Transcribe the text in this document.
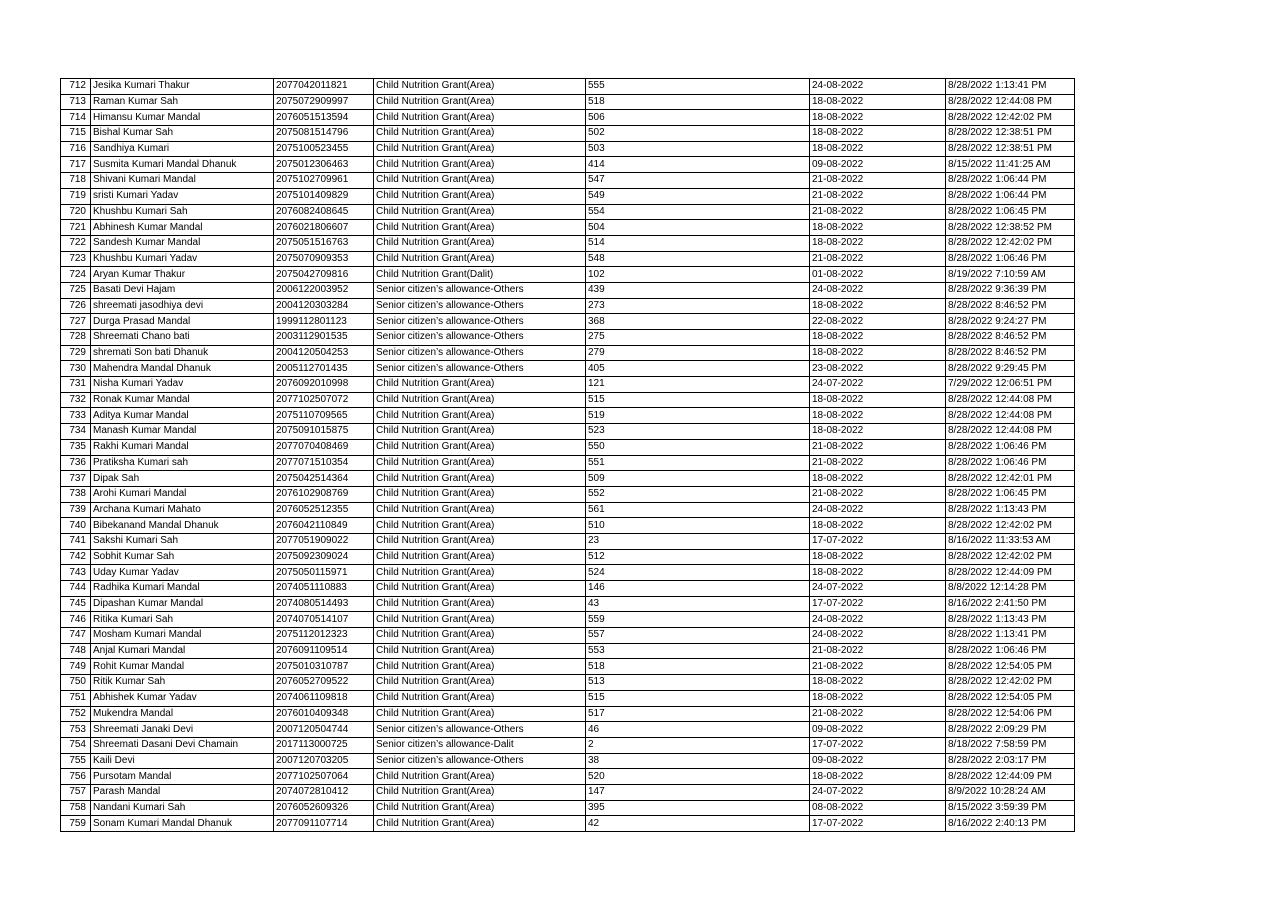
712	Jesika Kumari Thakur	2077042011821	Child Nutrition Grant(Area)	555	24-08-2022	8/28/2022 1:13:41 PM
713	Raman Kumar Sah	2075072909997	Child Nutrition Grant(Area)	518	18-08-2022	8/28/2022 12:44:08 PM
714	Himansu Kumar Mandal	2076051513594	Child Nutrition Grant(Area)	506	18-08-2022	8/28/2022 12:42:02 PM
715	Bishal Kumar Sah	2075081514796	Child Nutrition Grant(Area)	502	18-08-2022	8/28/2022 12:38:51 PM
716	Sandhiya Kumari	2075100523455	Child Nutrition Grant(Area)	503	18-08-2022	8/28/2022 12:38:51 PM
717	Susmita Kumari Mandal Dhanuk	2075012306463	Child Nutrition Grant(Area)	414	09-08-2022	8/15/2022 11:41:25 AM
718	Shivani Kumari Mandal	2075102709961	Child Nutrition Grant(Area)	547	21-08-2022	8/28/2022 1:06:44 PM
719	sristi Kumari Yadav	2075101409829	Child Nutrition Grant(Area)	549	21-08-2022	8/28/2022 1:06:44 PM
720	Khushbu Kumari Sah	2076082408645	Child Nutrition Grant(Area)	554	21-08-2022	8/28/2022 1:06:45 PM
721	Abhinesh Kumar Mandal	2076021806607	Child Nutrition Grant(Area)	504	18-08-2022	8/28/2022 12:38:52 PM
722	Sandesh Kumar Mandal	2075051516763	Child Nutrition Grant(Area)	514	18-08-2022	8/28/2022 12:42:02 PM
723	Khushbu Kumari Yadav	2075070909353	Child Nutrition Grant(Area)	548	21-08-2022	8/28/2022 1:06:46 PM
724	Aryan Kumar Thakur	2075042709816	Child Nutrition Grant(Dalit)	102	01-08-2022	8/19/2022 7:10:59 AM
725	Basati Devi Hajam	2006122003952	Senior citizen’s allowance-Others	439	24-08-2022	8/28/2022 9:36:39 PM
726	shreemati jasodhiya devi	2004120303284	Senior citizen’s allowance-Others	273	18-08-2022	8/28/2022 8:46:52 PM
727	Durga Prasad Mandal	1999112801123	Senior citizen’s allowance-Others	368	22-08-2022	8/28/2022 9:24:27 PM
728	Shreemati Chano bati	2003112901535	Senior citizen’s allowance-Others	275	18-08-2022	8/28/2022 8:46:52 PM
729	shremati Son bati Dhanuk	2004120504253	Senior citizen’s allowance-Others	279	18-08-2022	8/28/2022 8:46:52 PM
730	Mahendra Mandal Dhanuk	2005112701435	Senior citizen’s allowance-Others	405	23-08-2022	8/28/2022 9:29:45 PM
731	Nisha Kumari Yadav	2076092010998	Child Nutrition Grant(Area)	121	24-07-2022	7/29/2022 12:06:51 PM
732	Ronak Kumar Mandal	2077102507072	Child Nutrition Grant(Area)	515	18-08-2022	8/28/2022 12:44:08 PM
733	Aditya Kumar Mandal	2075110709565	Child Nutrition Grant(Area)	519	18-08-2022	8/28/2022 12:44:08 PM
734	Manash Kumar Mandal	2075091015875	Child Nutrition Grant(Area)	523	18-08-2022	8/28/2022 12:44:08 PM
735	Rakhi Kumari Mandal	2077070408469	Child Nutrition Grant(Area)	550	21-08-2022	8/28/2022 1:06:46 PM
736	Pratiksha Kumari sah	2077071510354	Child Nutrition Grant(Area)	551	21-08-2022	8/28/2022 1:06:46 PM
737	Dipak Sah	2075042514364	Child Nutrition Grant(Area)	509	18-08-2022	8/28/2022 12:42:01 PM
738	Arohi Kumari Mandal	2076102908769	Child Nutrition Grant(Area)	552	21-08-2022	8/28/2022 1:06:45 PM
739	Archana Kumari Mahato	2076052512355	Child Nutrition Grant(Area)	561	24-08-2022	8/28/2022 1:13:43 PM
740	Bibekanand Mandal Dhanuk	2076042110849	Child Nutrition Grant(Area)	510	18-08-2022	8/28/2022 12:42:02 PM
741	Sakshi Kumari Sah	2077051909022	Child Nutrition Grant(Area)	23	17-07-2022	8/16/2022 11:33:53 AM
742	Sobhit Kumar Sah	2075092309024	Child Nutrition Grant(Area)	512	18-08-2022	8/28/2022 12:42:02 PM
743	Uday Kumar Yadav	2075050115971	Child Nutrition Grant(Area)	524	18-08-2022	8/28/2022 12:44:09 PM
744	Radhika Kumari Mandal	2074051110883	Child Nutrition Grant(Area)	146	24-07-2022	8/8/2022 12:14:28 PM
745	Dipashan Kumar Mandal	2074080514493	Child Nutrition Grant(Area)	43	17-07-2022	8/16/2022 2:41:50 PM
746	Ritika Kumari Sah	2074070514107	Child Nutrition Grant(Area)	559	24-08-2022	8/28/2022 1:13:43 PM
747	Mosham Kumari Mandal	2075112012323	Child Nutrition Grant(Area)	557	24-08-2022	8/28/2022 1:13:41 PM
748	Anjal Kumari Mandal	2076091109514	Child Nutrition Grant(Area)	553	21-08-2022	8/28/2022 1:06:46 PM
749	Rohit Kumar Mandal	2075010310787	Child Nutrition Grant(Area)	518	21-08-2022	8/28/2022 12:54:05 PM
750	Ritik Kumar Sah	2076052709522	Child Nutrition Grant(Area)	513	18-08-2022	8/28/2022 12:42:02 PM
751	Abhishek Kumar Yadav	2074061109818	Child Nutrition Grant(Area)	515	18-08-2022	8/28/2022 12:54:05 PM
752	Mukendra Mandal	2076010409348	Child Nutrition Grant(Area)	517	21-08-2022	8/28/2022 12:54:06 PM
753	Shreemati Janaki Devi	2007120504744	Senior citizen’s allowance-Others	46	09-08-2022	8/28/2022 2:09:29 PM
754	Shreemati Dasani Devi Chamain	2017113000725	Senior citizen’s allowance-Dalit	2	17-07-2022	8/18/2022 7:58:59 PM
755	Kaili Devi	2007120703205	Senior citizen’s allowance-Others	38	09-08-2022	8/28/2022 2:03:17 PM
756	Pursotam Mandal	2077102507064	Child Nutrition Grant(Area)	520	18-08-2022	8/28/2022 12:44:09 PM
757	Parash Mandal	2074072810412	Child Nutrition Grant(Area)	147	24-07-2022	8/9/2022 10:28:24 AM
758	Nandani Kumari Sah	2076052609326	Child Nutrition Grant(Area)	395	08-08-2022	8/15/2022 3:59:39 PM
759	Sonam Kumari Mandal Dhanuk	2077091107714	Child Nutrition Grant(Area)	42	17-07-2022	8/16/2022 2:40:13 PM
